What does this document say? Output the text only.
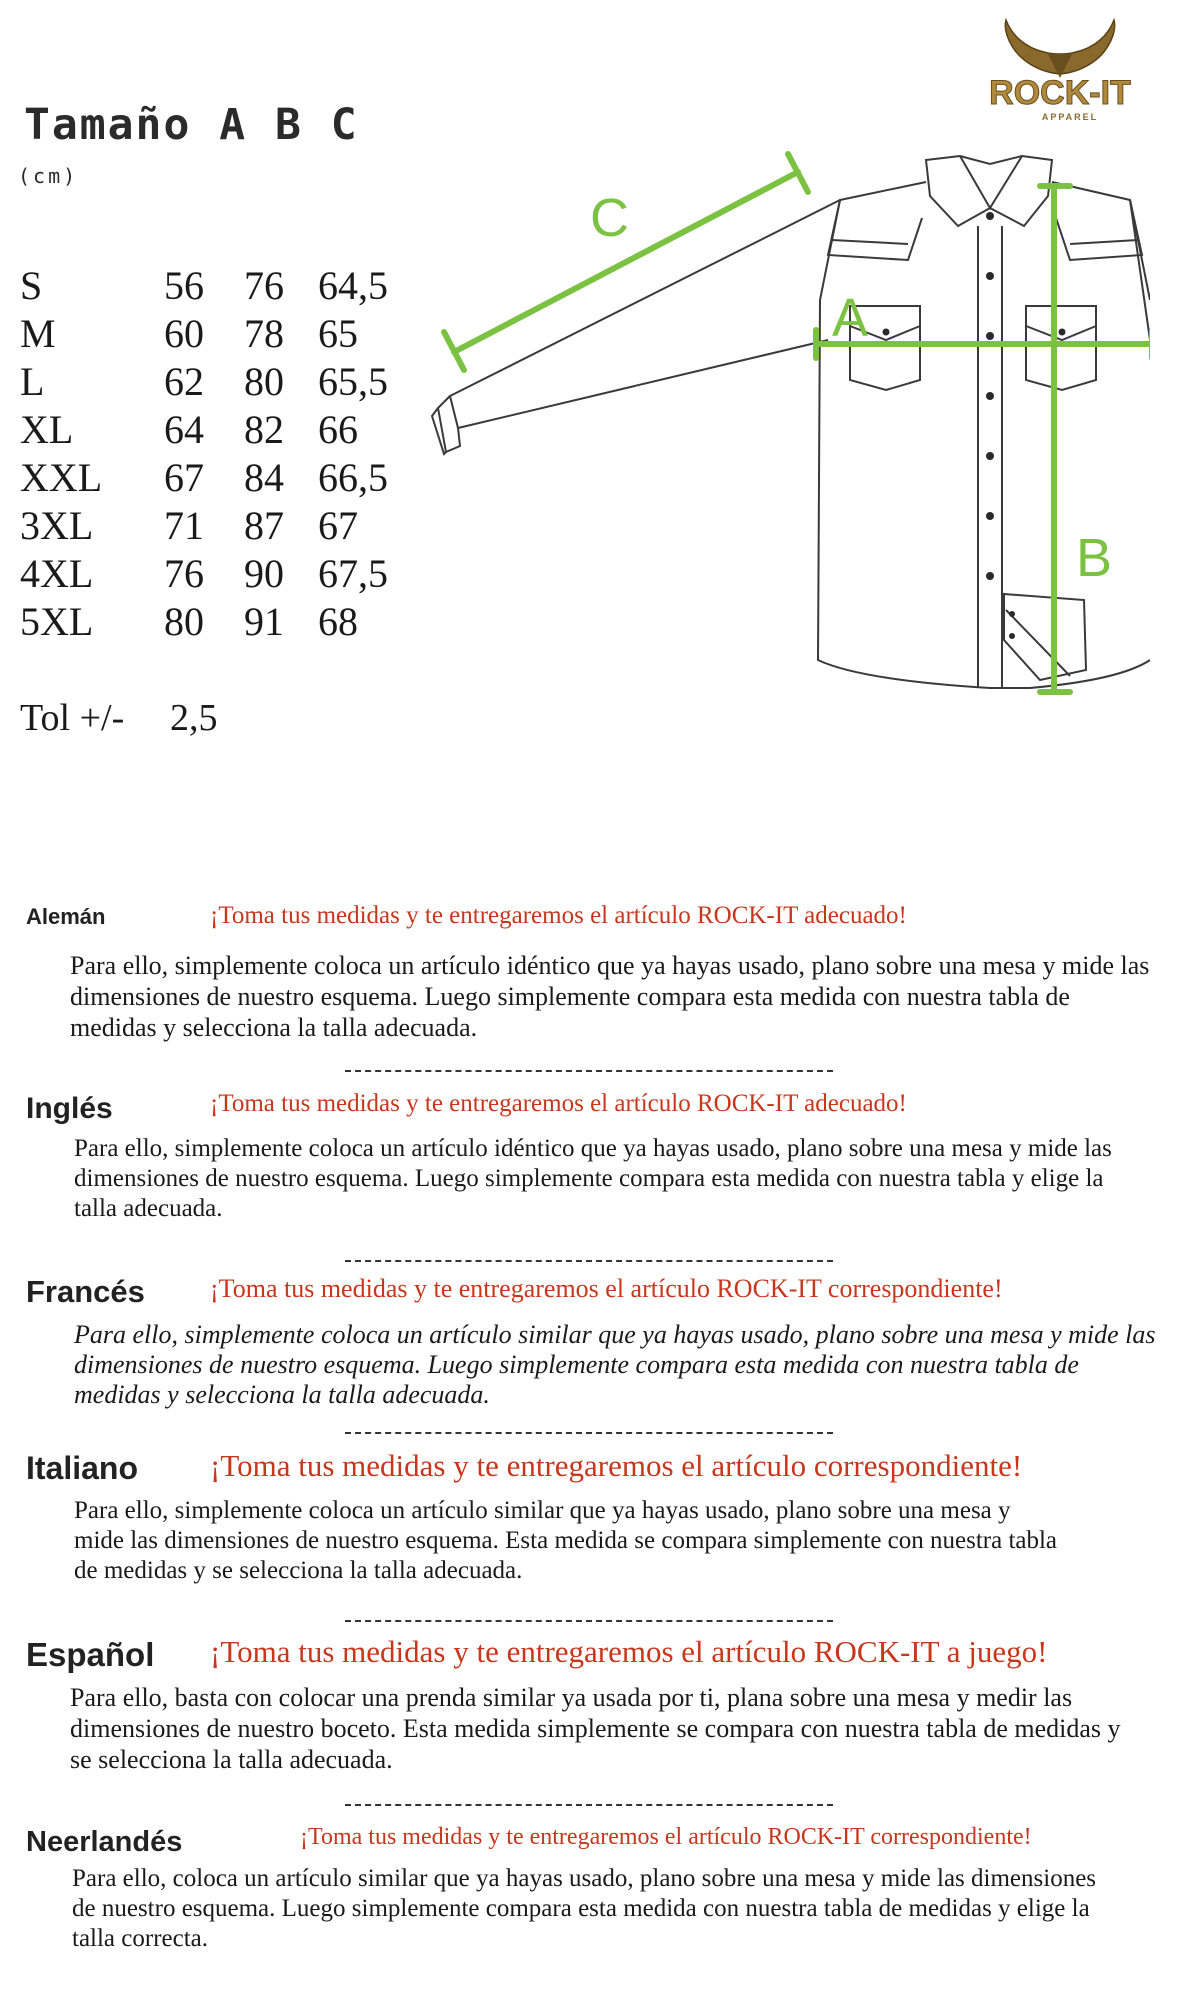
Tamaño A B C
(cm)
S	56 76 64,5
M	60 78 65
L	62 80 65,5
XL 64 82 66
XXL 67 84 66,5
3XL 71 87 67
4XL 76 90 67,5
5XL 80 91 68
Tol +/- 2,5
ROCK-IT
APPAREL
C
A
B
Alemán	¡Toma tus medidas y te entregaremos el artículo ROCK-IT adecuado!
Para ello, simplemente coloca un artículo idéntico que ya hayas usado, plano sobre una mesa y mide las dimensiones de nuestro esquema. Luego simplemente compara esta medida con nuestra tabla de medidas y selecciona la talla adecuada.
Inglés	¡Toma tus medidas y te entregaremos el artículo ROCK-IT adecuado!
Para ello, simplemente coloca un artículo idéntico que ya hayas usado, plano sobre una mesa y mide las dimensiones de nuestro esquema. Luego simplemente compara esta medida con nuestra tabla y elige la talla adecuada.
Francés	¡Toma tus medidas y te entregaremos el artículo ROCK-IT correspondiente!
Para ello, simplemente coloca un artículo similar que ya hayas usado, plano sobre una mesa y mide las dimensiones de nuestro esquema. Luego simplemente compara esta medida con nuestra tabla de medidas y selecciona la talla adecuada.
Italiano ¡Toma tus medidas y te entregaremos el artículo correspondiente!
Para ello, simplemente coloca un artículo similar que ya hayas usado, plano sobre una mesa y mide las dimensiones de nuestro esquema. Esta medida se compara simplemente con nuestra tabla de medidas y se selecciona la talla adecuada.
Español ¡Toma tus medidas y te entregaremos el artículo ROCK-IT a juego!
Para ello, basta con colocar una prenda similar ya usada por ti, plana sobre una mesa y medir las dimensiones de nuestro boceto. Esta medida simplemente se compara con nuestra tabla de medidas y se selecciona la talla adecuada.
Neerlandés	¡Toma tus medidas y te entregaremos el artículo ROCK-IT correspondiente!
Para ello, coloca un artículo similar que ya hayas usado, plano sobre una mesa y mide las dimensiones de nuestro esquema. Luego simplemente compara esta medida con nuestra tabla de medidas y elige la talla correcta.
